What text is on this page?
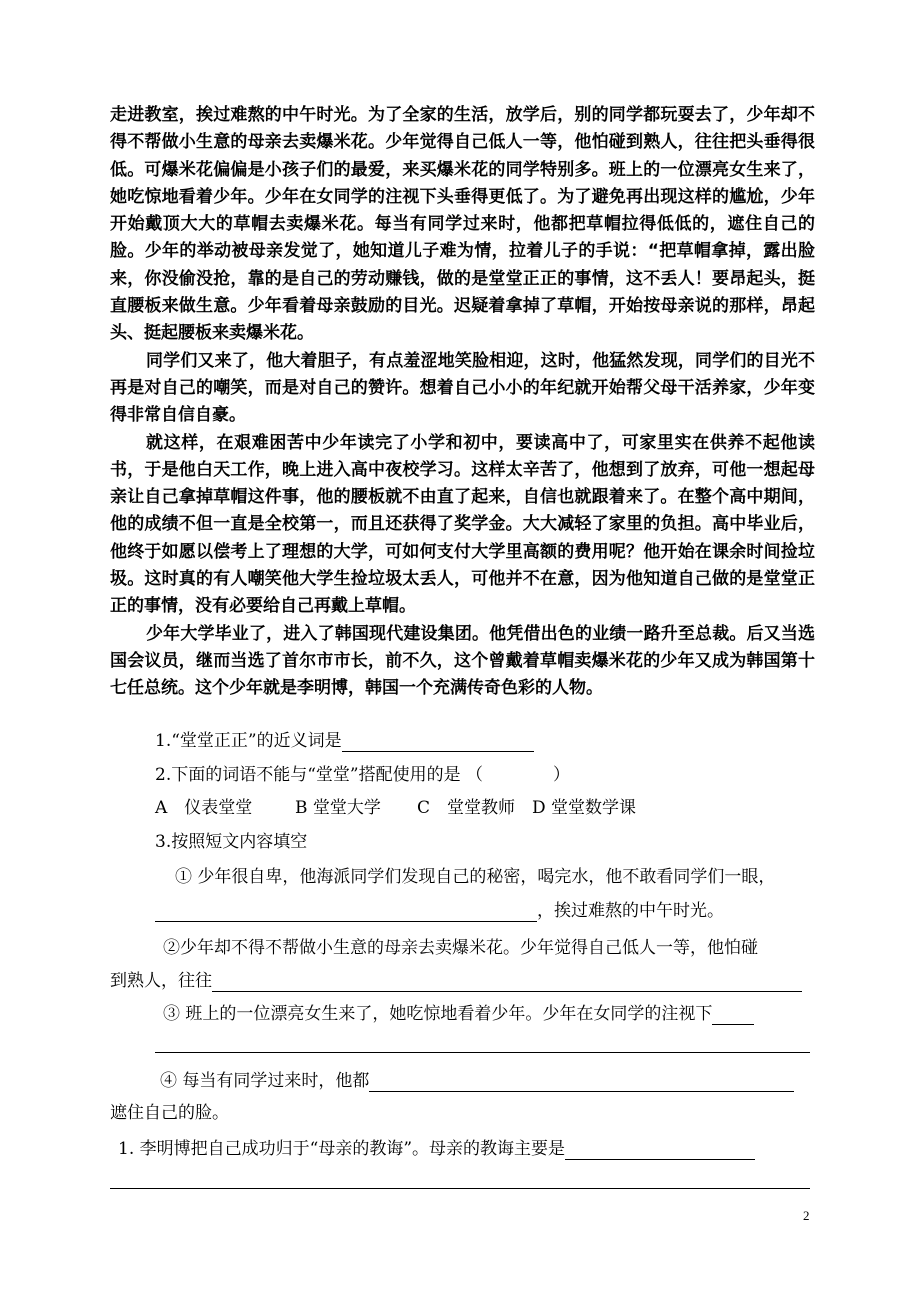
走进教室，挨过难熬的中午时光。为了全家的生活，放学后，别的同学都玩耍去了，少年却不得不帮做小生意的母亲去卖爆米花。少年觉得自己低人一等，他怕碰到熟人，往往把头垂得很低。可爆米花偏偏是小孩子们的最爱，来买爆米花的同学特别多。班上的一位漂亮女生来了，她吃惊地看着少年。少年在女同学的注视下头垂得更低了。为了避免再出现这样的尴尬，少年开始戴顶大大的草帽去卖爆米花。每当有同学过来时，他都把草帽拉得低低的，遮住自己的脸。少年的举动被母亲发觉了，她知道儿子难为情，拉着儿子的手说：“把草帽拿掉，露出脸来，你没偷没抢，靠的是自己的劳动赚钱，做的是堂堂正正的事情，这不丢人！要昂起头，挺直腰板来做生意。少年看着母亲鼓励的目光。迟疑着拿掉了草帽，开始按母亲说的那样，昂起头、挺起腰板来卖爆米花。

同学们又来了，他大着胆子，有点羞涩地笑脸相迎，这时，他猛然发现，同学们的目光不再是对自己的嘲笑，而是对自己的赞许。想着自己小小的年纪就开始帮父母干活养家，少年变得非常自信自豪。

就这样，在艰难困苦中少年读完了小学和初中，要读高中了，可家里实在供养不起他读书，于是他白天工作，晚上进入高中夜校学习。这样太辛苦了，他想到了放弃，可他一想起母亲让自己拿掉草帽这件事，他的腰板就不由直了起来，自信也就跟着来了。在整个高中期间，他的成绩不但一直是全校第一，而且还获得了奖学金。大大减轻了家里的负担。高中毕业后，他终于如愿以偿考上了理想的大学，可如何支付大学里高额的费用呢？他开始在课余时间捡垃圾。这时真的有人嘲笑他大学生捡垃圾太丢人，可他并不在意，因为他知道自己做的是堂堂正正的事情，没有必要给自己再戴上草帽。

少年大学毕业了，进入了韩国现代建设集团。他凭借出色的业绩一路升至总裁。后又当选国会议员，继而当选了首尔市市长，前不久，这个曾戴着草帽卖爆米花的少年又成为韩国第十七任总统。这个少年就是李明博，韩国一个充满传奇色彩的人物。

1.“堂堂正正”的近义词是
2.下面的词语不能与“堂堂”搭配使用的是 （	）
A　仪表堂堂	B 堂堂大学 C　堂堂教师 D 堂堂数学课
3.按照短文内容填空
① 少年很自卑，他海派同学们发现自己的秘密，喝完水，他不敢看同学们一眼，
，挨过难熬的中午时光。
②少年却不得不帮做小生意的母亲去卖爆米花。少年觉得自己低人一等，他怕碰
到熟人，往往
③ 班上的一位漂亮女生来了，她吃惊地看着少年。少年在女同学的注视下
④ 每当有同学过来时，他都
遮住自己的脸。
1. 李明博把自己成功归于“母亲的教诲”。母亲的教诲主要是
2
